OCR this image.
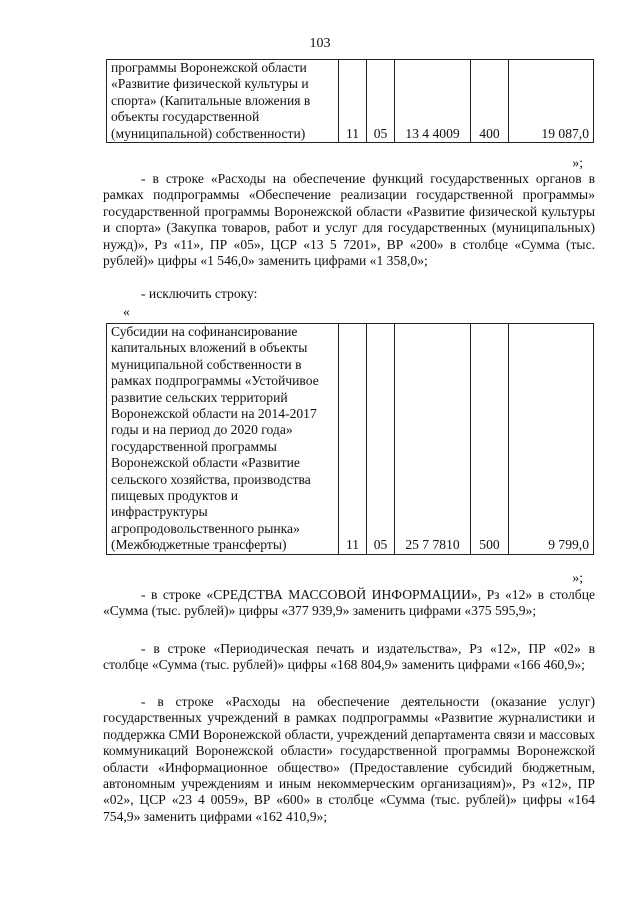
103
программы Воронежской области «Развитие физической культуры и спорта» (Капитальные вложения в объекты государственной (муниципальной) собственности)	11	05	13 4 4009	400	19 087,0
»;

- в строке «Расходы на обеспечение функций государственных органов в рамках подпрограммы «Обеспечение реализации государственной программы» государственной программы Воронежской области «Развитие физической культуры и спорта» (Закупка товаров, работ и услуг для государственных (муниципальных) нужд)», Рз «11», ПР «05», ЦСР «13 5 7201», ВР «200» в столбце «Сумма (тыс. рублей)» цифры «1 546,0» заменить цифрами «1 358,0»;

- исключить строку:

«
Субсидии на софинансирование капитальных вложений в объекты муниципальной собственности в рамках подпрограммы «Устойчивое развитие сельских территорий Воронежской области на 2014-2017 годы и на период до 2020 года» государственной программы Воронежской области «Развитие сельского хозяйства, производства пищевых продуктов и инфраструктуры агропродовольственного рынка» (Межбюджетные трансферты)	11	05	25 7 7810	500	9 799,0
»;

- в строке «СРЕДСТВА МАССОВОЙ ИНФОРМАЦИИ», Рз «12» в столбце «Сумма (тыс. рублей)» цифры «377 939,9» заменить цифрами «375 595,9»;

- в строке «Периодическая печать и издательства», Рз «12», ПР «02» в столбце «Сумма (тыс. рублей)» цифры «168 804,9» заменить цифрами «166 460,9»;

- в строке «Расходы на обеспечение деятельности (оказание услуг) государственных учреждений в рамках подпрограммы «Развитие журналистики и поддержка СМИ Воронежской области, учреждений департамента связи и массовых коммуникаций Воронежской области» государственной программы Воронежской области «Информационное общество» (Предоставление субсидий бюджетным, автономным учреждениям и иным некоммерческим организациям)», Рз «12», ПР «02», ЦСР «23 4 0059», ВР «600» в столбце «Сумма (тыс. рублей)» цифры «164 754,9» заменить цифрами «162 410,9»;
